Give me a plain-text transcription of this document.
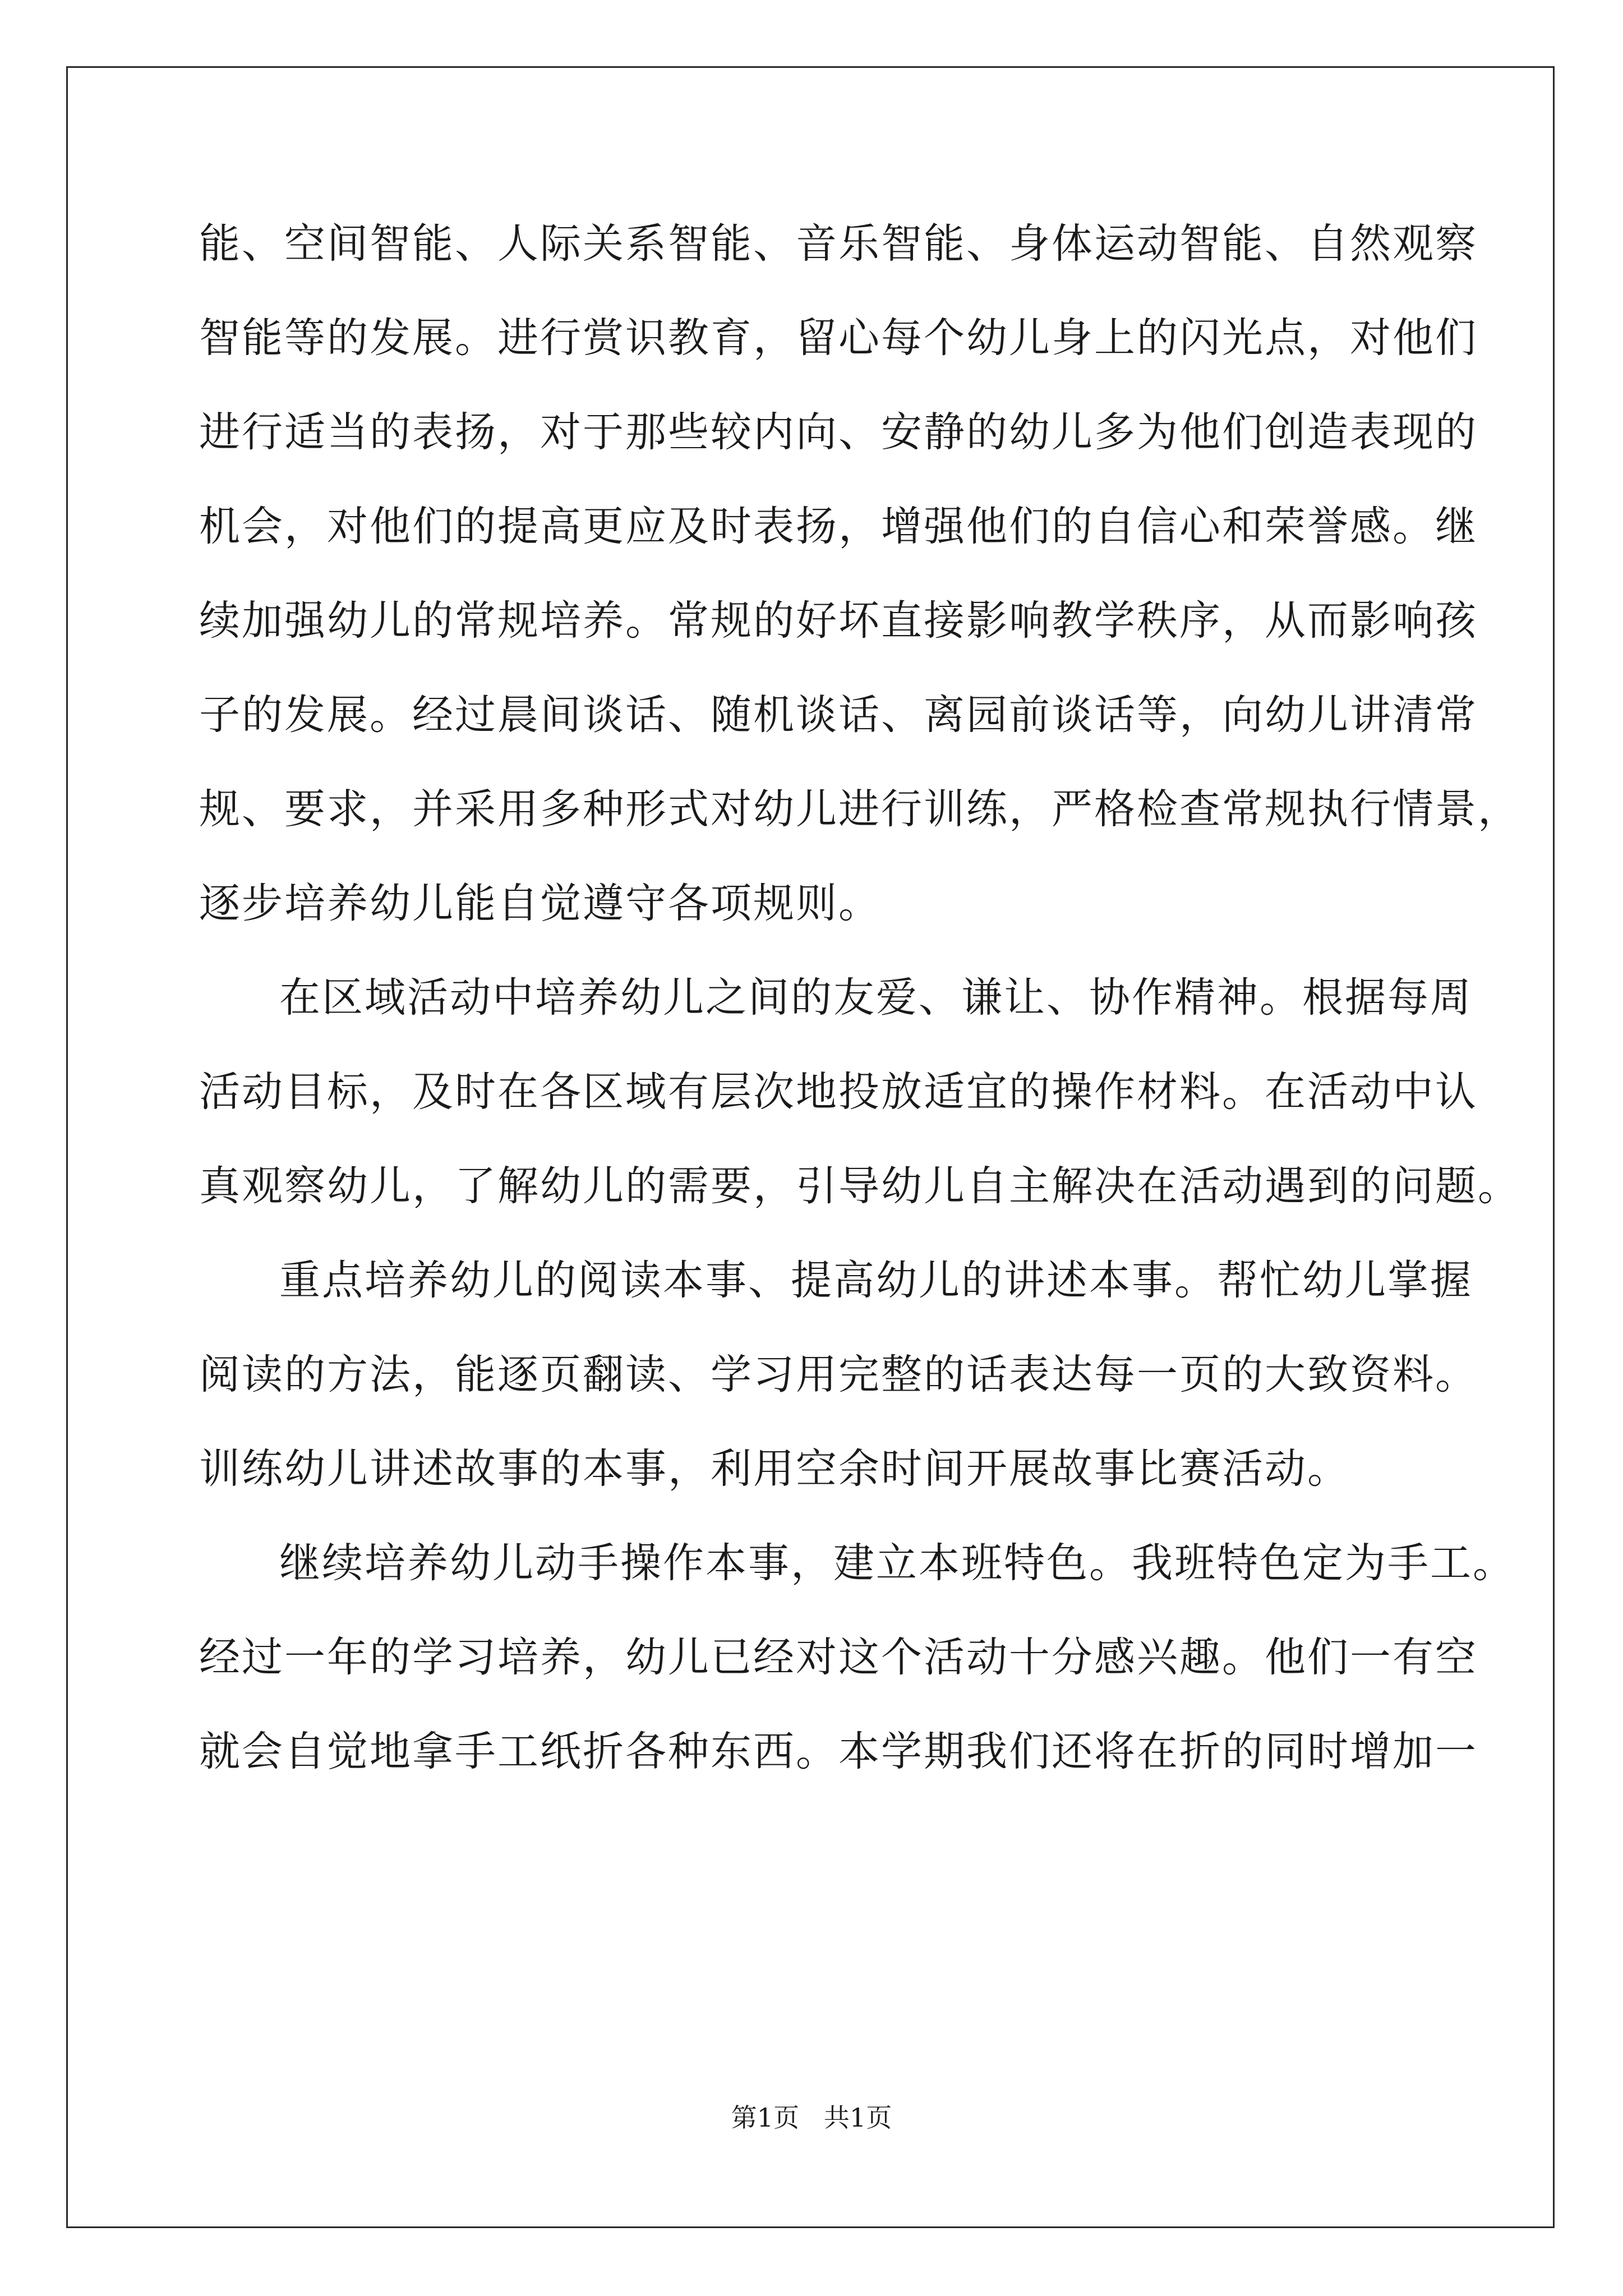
能、空间智能、人际关系智能、音乐智能、身体运动智能、自然观察
智能等的发展。进行赏识教育，留心每个幼儿身上的闪光点，对他们
进行适当的表扬，对于那些较内向、安静的幼儿多为他们创造表现的
机会，对他们的提高更应及时表扬，增强他们的自信心和荣誉感。继
续加强幼儿的常规培养。常规的好坏直接影响教学秩序，从而影响孩
子的发展。经过晨间谈话、随机谈话、离园前谈话等，向幼儿讲清常
规、要求，并采用多种形式对幼儿进行训练，严格检查常规执行情景，
逐步培养幼儿能自觉遵守各项规则。
在区域活动中培养幼儿之间的友爱、谦让、协作精神。根据每周
活动目标，及时在各区域有层次地投放适宜的操作材料。在活动中认
真观察幼儿，了解幼儿的需要，引导幼儿自主解决在活动遇到的问题。
重点培养幼儿的阅读本事、提高幼儿的讲述本事。帮忙幼儿掌握
阅读的方法，能逐页翻读、学习用完整的话表达每一页的大致资料。
训练幼儿讲述故事的本事，利用空余时间开展故事比赛活动。
继续培养幼儿动手操作本事，建立本班特色。我班特色定为手工。
经过一年的学习培养，幼儿已经对这个活动十分感兴趣。他们一有空
就会自觉地拿手工纸折各种东西。本学期我们还将在折的同时增加一
第1页   共1页
